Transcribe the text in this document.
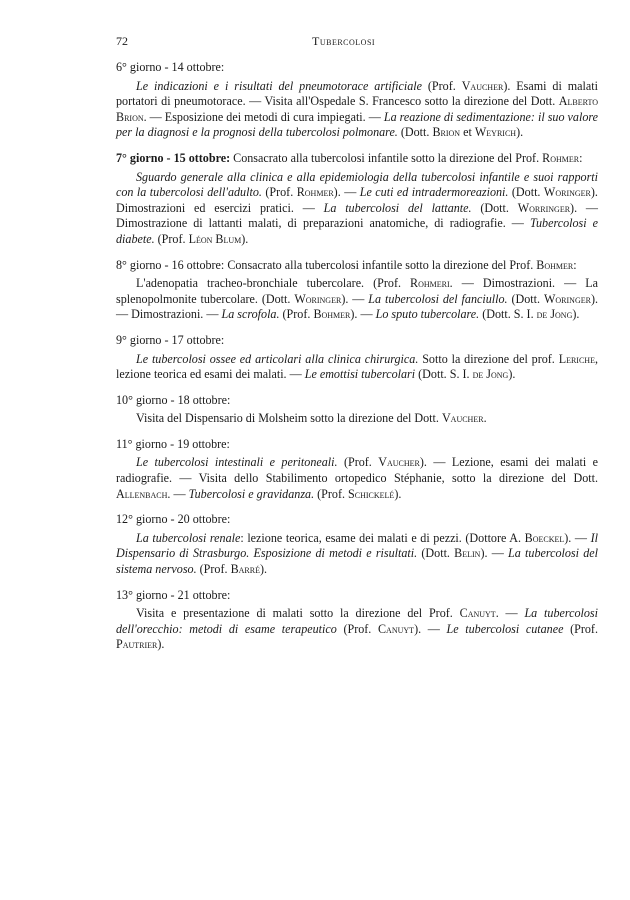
72	Tubercolosi
6° giorno - 14 ottobre:
Le indicazioni e i risultati del pneumotorace artificiale (Prof. Vaucher). Esami di malati portatori di pneumotorace. — Visita all'Ospedale S. Francesco sotto la direzione del Dott. Alberto Brion. — Esposizione dei metodi di cura impiegati. — La reazione di sedimentazione: il suo valore per la diagnosi e la prognosi della tubercolosi polmonare. (Dott. Brion et Weyrich).
7° giorno - 15 ottobre: Consacrato alla tubercolosi infantile sotto la direzione del Prof. Rohmer:
Sguardo generale alla clinica e alla epidemiologia della tubercolosi infantile e suoi rapporti con la tubercolosi dell'adulto. (Prof. Rohmer). — Le cuti ed intradermoreazioni. (Dott. Woringer). Dimostrazioni ed esercizi pratici. — La tubercolosi del lattante. (Dott. Worringer). — Dimostrazione di lattanti malati, di preparazioni anatomiche, di radiografie. — Tubercolosi e diabete. (Prof. Léon Blum).
8° giorno - 16 ottobre: Consacrato alla tubercolosi infantile sotto la direzione del Prof. Bohmer:
L'adenopatia tracheo-bronchiale tubercolare. (Prof. Rohmeri. — Dimostrazioni. — La splenopolmonite tubercolare. (Dott. Woringer). — La tubercolosi del fanciullo. (Dott. Woringer). — Dimostrazioni. — La scrofola. (Prof. Bohmer). — Lo sputo tubercolare. (Dott. S. I. de Jong).
9° giorno - 17 ottobre:
Le tubercolosi ossee ed articolari alla clinica chirurgica. Sotto la direzione del prof. Leriche, lezione teorica ed esami dei malati. — Le emottisi tubercolari (Dott. S. I. de Jong).
10° giorno - 18 ottobre:
Visita del Dispensario di Molsheim sotto la direzione del Dott. Vaucher.
11° giorno - 19 ottobre:
Le tubercolosi intestinali e peritoneali. (Prof. Vaucher). — Lezione, esami dei malati e radiografie. — Visita dello Stabilimento ortopedico Stéphanie, sotto la direzione del Dott. Allenbach. — Tubercolosi e gravidanza. (Prof. Schickelé).
12° giorno - 20 ottobre:
La tubercolosi renale: lezione teorica, esame dei malati e di pezzi. (Dottore A. Boeckel). — Il Dispensario di Strasburgo. Esposizione di metodi e risultati. (Dott. Belin). — La tubercolosi del sistema nervoso. (Prof. Barré).
13° giorno - 21 ottobre:
Visita e presentazione di malati sotto la direzione del Prof. Canuyt. — La tubercolosi dell'orecchio: metodi di esame terapeutico (Prof. Canuyt). — Le tubercolosi cutanee (Prof. Pautrier).
